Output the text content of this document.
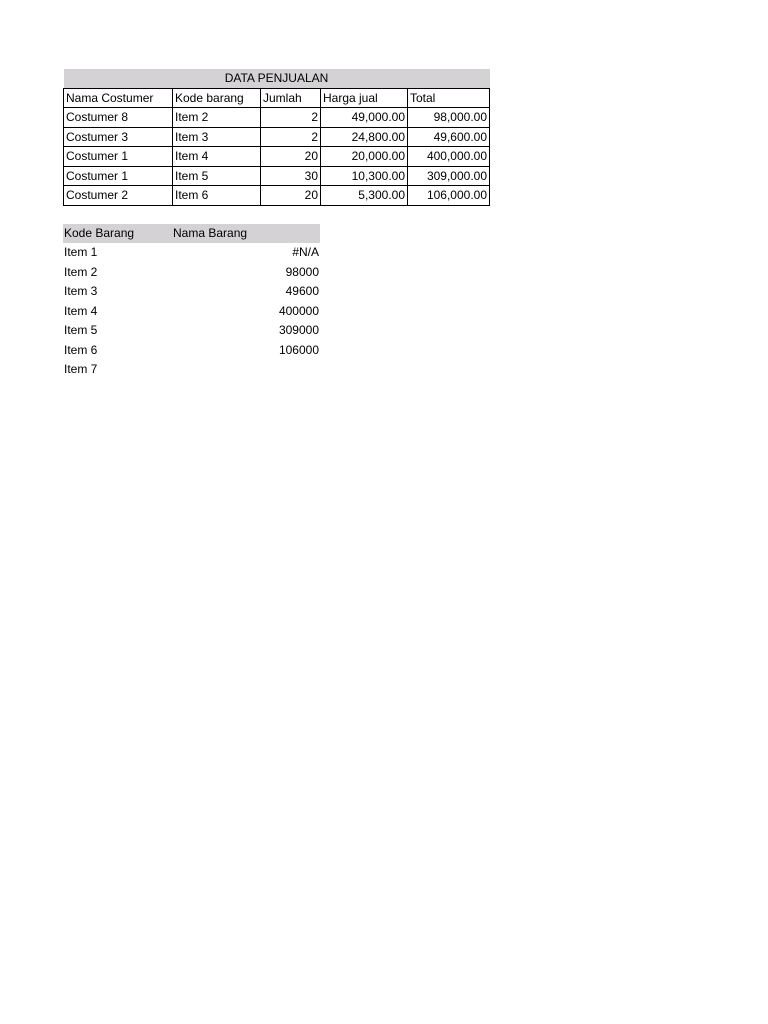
DATA PENJUALAN				
Nama Costumer	Kode barang	Jumlah	Harga jual	Total
Costumer 8	Item 2	2	49,000.00	98,000.00
Costumer 3	Item 3	2	24,800.00	49,600.00
Costumer 1	Item 4	20	20,000.00	400,000.00
Costumer 1	Item 5	30	10,300.00	309,000.00
Costumer 2	Item 6	20	5,300.00	106,000.00
Kode Barang	Nama Barang	
Item 1	#N/A	
Item 2	98000	
Item 3	49600	
Item 4	400000	
Item 5	309000	
Item 6	106000	
Item 7		
